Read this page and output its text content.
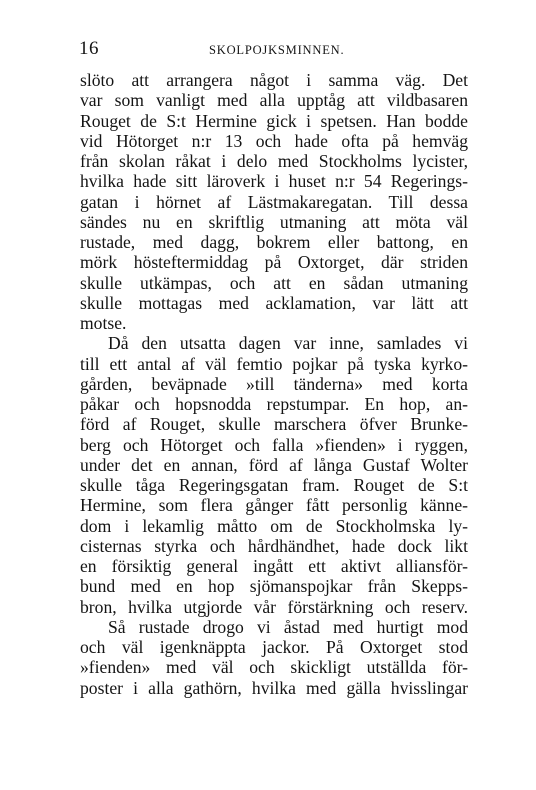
16	SKOLPOJKSMINNEN.
slöto att arrangera något i samma väg. Det
var som vanligt med alla upptåg att vildbasaren
Rouget de S:t Hermine gick i spetsen. Han bodde
vid Hötorget n:r 13 och hade ofta på hemväg
från skolan råkat i delo med Stockholms lycister,
hvilka hade sitt läroverk i huset n:r 54 Regerings-
gatan i hörnet af Lästmakaregatan. Till dessa
sändes nu en skriftlig utmaning att möta väl
rustade, med dagg, bokrem eller battong, en
mörk hösteftermiddag på Oxtorget, där striden
skulle utkämpas, och att en sådan utmaning
skulle mottagas med acklamation, var lätt att
motse.
Då den utsatta dagen var inne, samlades vi
till ett antal af väl femtio pojkar på tyska kyrko-
gården, beväpnade »till tänderna» med korta
påkar och hopsnodda repstumpar. En hop, an-
förd af Rouget, skulle marschera öfver Brunke-
berg och Hötorget och falla »fienden» i ryggen,
under det en annan, förd af långa Gustaf Wolter
skulle tåga Regeringsgatan fram. Rouget de S:t
Hermine, som flera gånger fått personlig känne-
dom i lekamlig måtto om de Stockholmska ly-
cisternas styrka och hårdhändhet, hade dock likt
en försiktig general ingått ett aktivt alliansför-
bund med en hop sjömanspojkar från Skepps-
bron, hvilka utgjorde vår förstärkning och reserv.
Så rustade drogo vi åstad med hurtigt mod
och väl igenknäppta jackor. På Oxtorget stod
»fienden» med väl och skickligt utställda för-
poster i alla gathörn, hvilka med gälla hvisslingar
